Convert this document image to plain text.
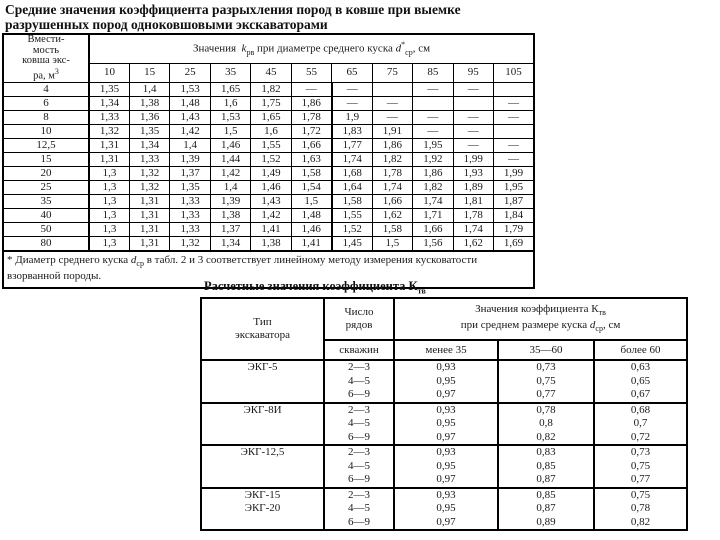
Средние значения коэффициента разрыхления пород в ковше при выемке
разрушенных пород одноковшовыми экскаваторами
Вмести-
мость
ковша экс-
ра, $м^3$	Значения $k_{рв}$ при диаметре среднего куска $d^*_{ср}$, см										
	10	15	25	35	45	55	65	75	85	95	105
4	1,35	1,4	1,53	1,65	1,82	—	—		—	—	
6	1,34	1,38	1,48	1,6	1,75	1,86	—	—			—
8	1,33	1,36	1,43	1,53	1,65	1,78	1,9	—	—	—	—
10	1,32	1,35	1,42	1,5	1,6	1,72	1,83	1,91	—	—	
12,5	1,31	1,34	1,4	1,46	1,55	1,66	1,77	1,86	1,95	—	—
15	1,31	1,33	1,39	1,44	1,52	1,63	1,74	1,82	1,92	1,99	—
20	1,3	1,32	1,37	1,42	1,49	1,58	1,68	1,78	1,86	1,93	1,99
25	1,3	1,32	1,35	1,4	1,46	1,54	1,64	1,74	1,82	1,89	1,95
35	1,3	1,31	1,33	1,39	1,43	1,5	1,58	1,66	1,74	1,81	1,87
40	1,3	1,31	1,33	1,38	1,42	1,48	1,55	1,62	1,71	1,78	1,84
50	1,3	1,31	1,33	1,37	1,41	1,46	1,52	1,58	1,66	1,74	1,79
80	1,3	1,31	1,32	1,34	1,38	1,41	1,45	1,5	1,56	1,62	1,69
* Диаметр среднего куска $d_{ср}$ в табл. 2 и 3 соответствует линейному методу измерения кусковатости взорванной породы.											
Расчетные значения коэффициента $К_{тв}$
Тип
экскаватора	Число
рядов	Значения коэффициента $К_{тв}$
при среднем размере куска $d_{ср}$, см		
	скважин	менее 35	35—60	более 60
ЭКГ-5	2—3	0,93	0,73	0,63
	4—5	0,95	0,75	0,65
	6—9	0,97	0,77	0,67
ЭКГ-8И	2—3	0,93	0,78	0,68
	4—5	0,95	0,8	0,7
	6—9	0,97	0,82	0,72
ЭКГ-12,5	2—3	0,93	0,83	0,73
	4—5	0,95	0,85	0,75
	6—9	0,97	0,87	0,77
ЭКГ-15
ЭКГ-20	2—3	0,93	0,85	0,75
	4—5	0,95	0,87	0,78
	6—9	0,97	0,89	0,82
